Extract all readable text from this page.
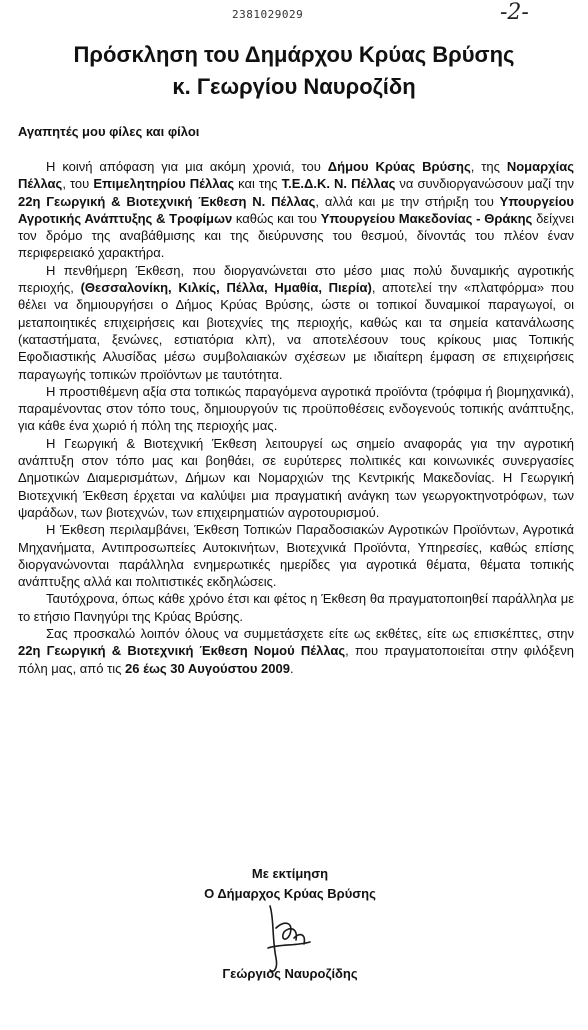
2381029029	-2-
Πρόσκληση του Δημάρχου Κρύας Βρύσης
κ. Γεωργίου Ναυροζίδη
Αγαπητές μου φίλες και φίλοι

Η κοινή απόφαση για μια ακόμη χρονιά, του Δήμου Κρύας Βρύσης, της Νομαρχίας Πέλλας, του Επιμελητηρίου Πέλλας και της Τ.Ε.Δ.Κ. Ν. Πέλλας να συνδιοργανώσουν μαζί την 22η Γεωργική & Βιοτεχνική Έκθεση Ν. Πέλλας, αλλά και με την στήριξη του Υπουργείου Αγροτικής Ανάπτυξης & Τροφίμων καθώς και του Υπουργείου Μακεδονίας - Θράκης δείχνει τον δρόμο της αναβάθμισης και της διεύρυνσης του θεσμού, δίνοντάς του πλέον έναν περιφερειακό χαρακτήρα.

Η πενθήμερη Έκθεση, που διοργανώνεται στο μέσο μιας πολύ δυναμικής αγροτικής περιοχής, (Θεσσαλονίκη, Κιλκίς, Πέλλα, Ημαθία, Πιερία), αποτελεί την «πλατφόρμα» που θέλει να δημιουργήσει ο Δήμος Κρύας Βρύσης, ώστε οι τοπικοί δυναμικοί παραγωγοί, οι μεταποιητικές επιχειρήσεις και βιοτεχνίες της περιοχής, καθώς και τα σημεία κατανάλωσης (καταστήματα, ξενώνες, εστιατόρια κλπ), να αποτελέσουν τους κρίκους μιας Τοπικής Εφοδιαστικής Αλυσίδας μέσω συμβολαιακών σχέσεων με ιδιαίτερη έμφαση σε επιχειρήσεις παραγωγής τοπικών προϊόντων με ταυτότητα.

Η προστιθέμενη αξία στα τοπικώς παραγόμενα αγροτικά προϊόντα (τρόφιμα ή βιομηχανικά), παραμένοντας στον τόπο τους, δημιουργούν τις προϋποθέσεις ενδογενούς τοπικής ανάπτυξης, για κάθε ένα χωριό ή πόλη της περιοχής μας.

Η Γεωργική & Βιοτεχνική Έκθεση λειτουργεί ως σημείο αναφοράς για την αγροτική ανάπτυξη στον τόπο μας και βοηθάει, σε ευρύτερες πολιτικές και κοινωνικές συνεργασίες Δημοτικών Διαμερισμάτων, Δήμων και Νομαρχιών της Κεντρικής Μακεδονίας. Η Γεωργική Βιοτεχνική Έκθεση έρχεται να καλύψει μια πραγματική ανάγκη των γεωργοκτηνοτρόφων, των ψαράδων, των βιοτεχνών, των επιχειρηματιών αγροτουρισμού.

Η Έκθεση περιλαμβάνει, Έκθεση Τοπικών Παραδοσιακών Αγροτικών Προϊόντων, Αγροτικά Μηχανήματα, Αντιπροσωπείες Αυτοκινήτων, Βιοτεχνικά Προϊόντα, Υπηρεσίες, καθώς επίσης διοργανώνονται παράλληλα ενημερωτικές ημερίδες για αγροτικά θέματα, θέματα τοπικής ανάπτυξης αλλά και πολιτιστικές εκδηλώσεις.

Ταυτόχρονα, όπως κάθε χρόνο έτσι και φέτος η Έκθεση θα πραγματοποιηθεί παράλληλα με το ετήσιο Πανηγύρι της Κρύας Βρύσης.

Σας προσκαλώ λοιπόν όλους να συμμετάσχετε είτε ως εκθέτες, είτε ως επισκέπτες, στην 22η Γεωργική & Βιοτεχνική Έκθεση Νομού Πέλλας, που πραγματοποιείται στην φιλόξενη πόλη μας, από τις 26 έως 30 Αυγούστου 2009.

Με εκτίμηση
Ο Δήμαρχος Κρύας Βρύσης
Γεώργιος Ναυροζίδης
